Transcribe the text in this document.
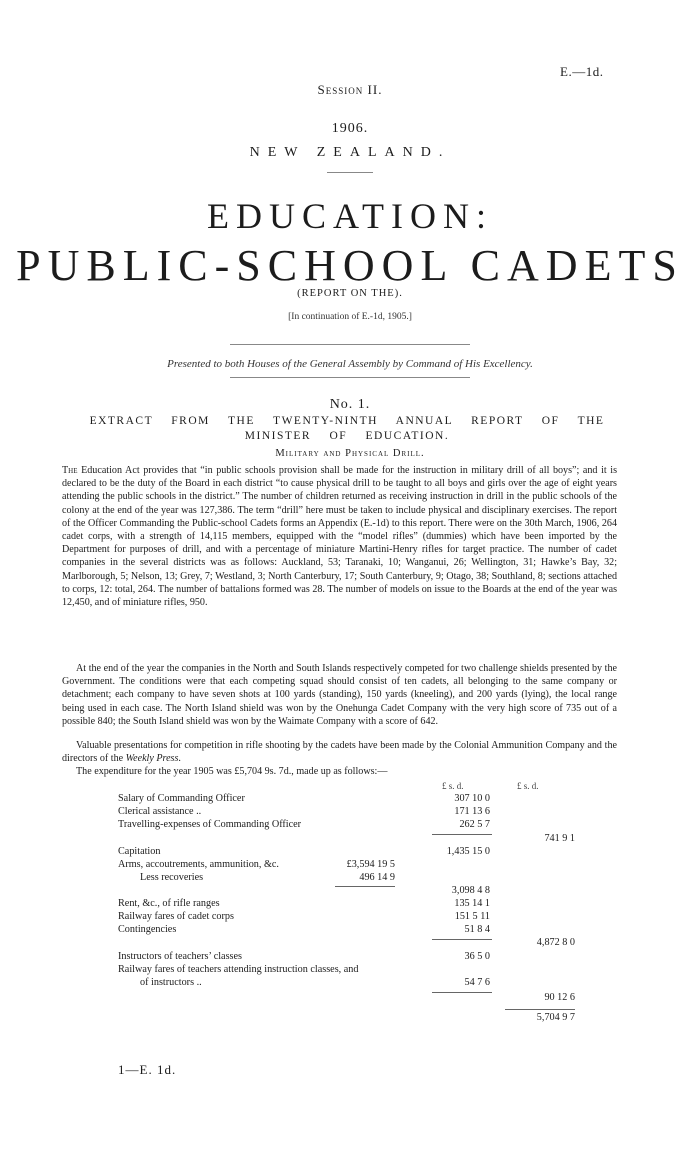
E.—1d.
Session II.
1906.
NEW ZEALAND.
EDUCATION:
PUBLIC-SCHOOL CADETS
(REPORT ON THE).
[In continuation of E.-1d, 1905.]
Presented to both Houses of the General Assembly by Command of His Excellency.
No. 1.
EXTRACT FROM THE TWENTY-NINTH ANNUAL REPORT OF THE MINISTER OF EDUCATION.
Military and Physical Drill.
The Education Act provides that “in public schools provision shall be made for the instruction in military drill of all boys”; and it is declared to be the duty of the Board in each district “to cause physical drill to be taught to all boys and girls over the age of eight years attending the public schools in the district.” The number of children returned as receiving instruction in drill in the public schools of the colony at the end of the year was 127,386. The term “drill” here must be taken to include physical and disciplinary exercises. The report of the Officer Commanding the Public-school Cadets forms an Appendix (E.-1d) to this report. There were on the 30th March, 1906, 264 cadet corps, with a strength of 14,115 members, equipped with the “model rifles” (dummies) which have been imported by the Department for purposes of drill, and with a percentage of miniature Martini-Henry rifles for target practice. The number of cadet companies in the several districts was as follows: Auckland, 53; Taranaki, 10; Wanganui, 26; Wellington, 31; Hawke’s Bay, 32; Marlborough, 5; Nelson, 13; Grey, 7; Westland, 3; North Canterbury, 17; South Canterbury, 9; Otago, 38; Southland, 8; sections attached to corps, 12: total, 264. The number of battalions formed was 28. The number of models on issue to the Boards at the end of the year was 12,450, and of miniature rifles, 950.
At the end of the year the companies in the North and South Islands respectively competed for two challenge shields presented by the Government. The conditions were that each competing squad should consist of ten cadets, all belonging to the same company or detachment; each company to have seven shots at 100 yards (standing), 150 yards (kneeling), and 200 yards (lying), the local range being used in each case. The North Island shield was won by the Onehunga Cadet Company with the very high score of 735 out of a possible 840; the South Island shield was won by the Waimate Company with a score of 642.
Valuable presentations for competition in rifle shooting by the cadets have been made by the Colonial Ammunition Company and the directors of the Weekly Press.
The expenditure for the year 1905 was £5,704 9s. 7d., made up as follows:—
£ s. d.	£ s. d.
Salary of Commanding Officer	307 10 0
Clerical assistance ..	171 13 6
Travelling-expenses of Commanding Officer	262 5 7
741 9 1
Capitation	1,435 15 0
Arms, accoutrements, ammunition, &c.	£3,594 19 5
Less recoveries	496 14 9
3,098 4 8
Rent, &c., of rifle ranges	135 14 1
Railway fares of cadet corps	151 5 11
Contingencies	51 8 4
4,872 8 0
Instructors of teachers’ classes	36 5 0
Railway fares of teachers attending instruction classes, and
of instructors ..	54 7 6
90 12 6
5,704 9 7
1—E. 1d.
